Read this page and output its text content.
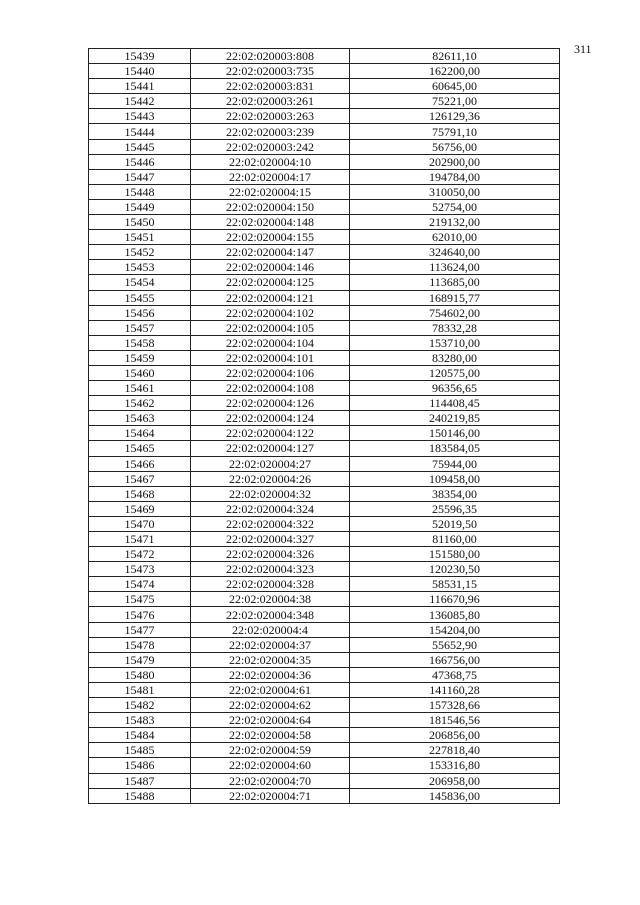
311
15439	22:02:020003:808	82611,10
15440	22:02:020003:735	162200,00
15441	22:02:020003:831	60645,00
15442	22:02:020003:261	75221,00
15443	22:02:020003:263	126129,36
15444	22:02:020003:239	75791,10
15445	22:02:020003:242	56756,00
15446	22:02:020004:10	202900,00
15447	22:02:020004:17	194784,00
15448	22:02:020004:15	310050,00
15449	22:02:020004:150	52754,00
15450	22:02:020004:148	219132,00
15451	22:02:020004:155	62010,00
15452	22:02:020004:147	324640,00
15453	22:02:020004:146	113624,00
15454	22:02:020004:125	113685,00
15455	22:02:020004:121	168915,77
15456	22:02:020004:102	754602,00
15457	22:02:020004:105	78332,28
15458	22:02:020004:104	153710,00
15459	22:02:020004:101	83280,00
15460	22:02:020004:106	120575,00
15461	22:02:020004:108	96356,65
15462	22:02:020004:126	114408,45
15463	22:02:020004:124	240219,85
15464	22:02:020004:122	150146,00
15465	22:02:020004:127	183584,05
15466	22:02:020004:27	75944,00
15467	22:02:020004:26	109458,00
15468	22:02:020004:32	38354,00
15469	22:02:020004:324	25596,35
15470	22:02:020004:322	52019,50
15471	22:02:020004:327	81160,00
15472	22:02:020004:326	151580,00
15473	22:02:020004:323	120230,50
15474	22:02:020004:328	58531,15
15475	22:02:020004:38	116670,96
15476	22:02:020004:348	136085,80
15477	22:02:020004:4	154204,00
15478	22:02:020004:37	55652,90
15479	22:02:020004:35	166756,00
15480	22:02:020004:36	47368,75
15481	22:02:020004:61	141160,28
15482	22:02:020004:62	157328,66
15483	22:02:020004:64	181546,56
15484	22:02:020004:58	206856,00
15485	22:02:020004:59	227818,40
15486	22:02:020004:60	153316,80
15487	22:02:020004:70	206958,00
15488	22:02:020004:71	145836,00
